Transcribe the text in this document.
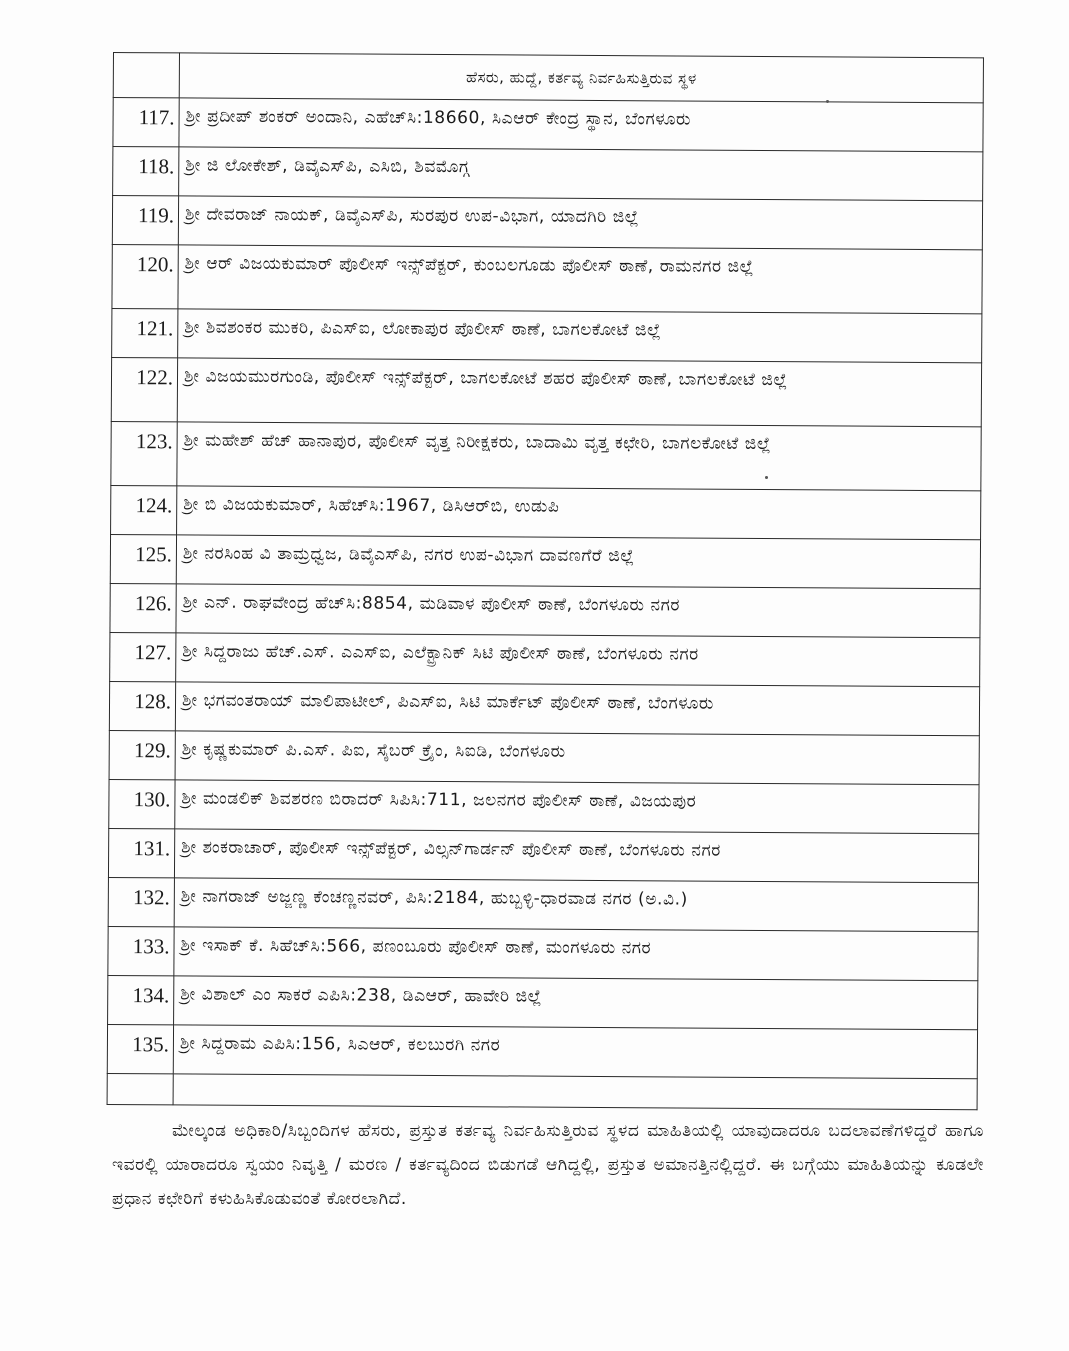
	ಹೆಸರು, ಹುದ್ದೆ, ಕರ್ತವ್ಯ ನಿರ್ವಹಿಸುತ್ತಿರುವ ಸ್ಥಳ
117.	ಶ್ರೀ ಪ್ರದೀಪ್ ಶಂಕರ್ ಅಂದಾನಿ, ಎಹೆಚ್‌ಸಿ:18660, ಸಿಎಆರ್ ಕೇಂದ್ರ ಸ್ಥಾನ, ಬೆಂಗಳೂರು
118.	ಶ್ರೀ ಜಿ ಲೋಕೇಶ್, ಡಿವೈಎಸ್‌ಪಿ, ಎಸಿಬಿ, ಶಿವಮೊಗ್ಗ
119.	ಶ್ರೀ ದೇವರಾಜ್ ನಾಯಕ್, ಡಿವೈಎಸ್‌ಪಿ, ಸುರಪುರ ಉಪ-ವಿಭಾಗ, ಯಾದಗಿರಿ ಜಿಲ್ಲೆ
120.	ಶ್ರೀ ಆರ್ ವಿಜಯಕುಮಾರ್ ಪೊಲೀಸ್ ಇನ್ಸ್‌ಪೆಕ್ಟರ್, ಕುಂಬಲಗೂಡು ಪೊಲೀಸ್ ಠಾಣೆ, ರಾಮನಗರ ಜಿಲ್ಲೆ
121.	ಶ್ರೀ ಶಿವಶಂಕರ ಮುಕರಿ, ಪಿಎಸ್‌ಐ, ಲೋಕಾಪುರ ಪೊಲೀಸ್ ಠಾಣೆ, ಬಾಗಲಕೋಟೆ ಜಿಲ್ಲೆ
122.	ಶ್ರೀ ವಿಜಯಮುರಗುಂಡಿ, ಪೊಲೀಸ್ ಇನ್ಸ್‌ಪೆಕ್ಟರ್, ಬಾಗಲಕೋಟೆ ಶಹರ ಪೊಲೀಸ್ ಠಾಣೆ, ಬಾಗಲಕೋಟೆ ಜಿಲ್ಲೆ
123.	ಶ್ರೀ ಮಹೇಶ್ ಹೆಚ್ ಹಾನಾಪುರ, ಪೊಲೀಸ್ ವೃತ್ತ ನಿರೀಕ್ಷಕರು, ಬಾದಾಮಿ ವೃತ್ತ ಕಛೇರಿ, ಬಾಗಲಕೋಟೆ ಜಿಲ್ಲೆ
124.	ಶ್ರೀ ಬಿ ವಿಜಯಕುಮಾರ್, ಸಿಹೆಚ್‌ಸಿ:1967, ಡಿಸಿಆರ್‌ಬಿ, ಉಡುಪಿ
125.	ಶ್ರೀ ನರಸಿಂಹ ವಿ ತಾಮ್ರಧ್ವಜ, ಡಿವೈಎಸ್‌ಪಿ, ನಗರ ಉಪ-ವಿಭಾಗ ದಾವಣಗೆರೆ ಜಿಲ್ಲೆ
126.	ಶ್ರೀ ಎನ್. ರಾಘವೇಂದ್ರ ಹೆಚ್‌ಸಿ:8854, ಮಡಿವಾಳ ಪೊಲೀಸ್ ಠಾಣೆ, ಬೆಂಗಳೂರು ನಗರ
127.	ಶ್ರೀ ಸಿದ್ದರಾಜು ಹೆಚ್.ಎಸ್. ಎಎಸ್‌ಐ, ಎಲೆಕ್ಟ್ರಾನಿಕ್ ಸಿಟಿ ಪೊಲೀಸ್ ಠಾಣೆ, ಬೆಂಗಳೂರು ನಗರ
128.	ಶ್ರೀ ಭಗವಂತರಾಯ್ ಮಾಲಿಪಾಟೀಲ್, ಪಿಎಸ್‌ಐ, ಸಿಟಿ ಮಾರ್ಕೆಟ್ ಪೊಲೀಸ್ ಠಾಣೆ, ಬೆಂಗಳೂರು
129.	ಶ್ರೀ ಕೃಷ್ಣಕುಮಾರ್ ಪಿ.ಎಸ್. ಪಿಐ, ಸೈಬರ್ ಕ್ರೈಂ, ಸಿಐಡಿ, ಬೆಂಗಳೂರು
130.	ಶ್ರೀ ಮಂಡಲಿಕ್ ಶಿವಶರಣ ಬಿರಾದರ್ ಸಿಪಿಸಿ:711, ಜಲನಗರ ಪೊಲೀಸ್ ಠಾಣೆ, ವಿಜಯಪುರ
131.	ಶ್ರೀ ಶಂಕರಾಚಾರ್, ಪೊಲೀಸ್ ಇನ್ಸ್‌ಪೆಕ್ಟರ್, ವಿಲ್ಸನ್‌ಗಾರ್ಡನ್ ಪೊಲೀಸ್ ಠಾಣೆ, ಬೆಂಗಳೂರು ನಗರ
132.	ಶ್ರೀ ನಾಗರಾಜ್ ಅಜ್ಜಣ್ಣ ಕೆಂಚಣ್ಣನವರ್, ಪಿಸಿ:2184, ಹುಬ್ಬಳ್ಳಿ-ಧಾರವಾಡ ನಗರ (ಅ.ವಿ.)
133.	ಶ್ರೀ ಇಸಾಕ್ ಕೆ. ಸಿಹೆಚ್‌ಸಿ:566, ಪಣಂಬೂರು ಪೊಲೀಸ್ ಠಾಣೆ, ಮಂಗಳೂರು ನಗರ
134.	ಶ್ರೀ ವಿಶಾಲ್ ಎಂ ಸಾಕರೆ ಎಪಿಸಿ:238, ಡಿಎಆರ್, ಹಾವೇರಿ ಜಿಲ್ಲೆ
135.	ಶ್ರೀ ಸಿದ್ದರಾಮ ಎಪಿಸಿ:156, ಸಿಎಆರ್, ಕಲಬುರಗಿ ನಗರ

ಮೇಲ್ಕಂಡ ಅಧಿಕಾರಿ/ಸಿಬ್ಬಂದಿಗಳ ಹೆಸರು, ಪ್ರಸ್ತುತ ಕರ್ತವ್ಯ ನಿರ್ವಹಿಸುತ್ತಿರುವ ಸ್ಥಳದ ಮಾಹಿತಿಯಲ್ಲಿ ಯಾವುದಾದರೂ ಬದಲಾವಣೆಗಳಿದ್ದರೆ ಹಾಗೂ ಇವರಲ್ಲಿ ಯಾರಾದರೂ ಸ್ವಯಂ ನಿವೃತ್ತಿ / ಮರಣ / ಕರ್ತವ್ಯದಿಂದ ಬಿಡುಗಡೆ ಆಗಿದ್ದಲ್ಲಿ, ಪ್ರಸ್ತುತ ಅಮಾನತ್ತಿನಲ್ಲಿದ್ದರೆ. ಈ ಬಗ್ಗೆಯು ಮಾಹಿತಿಯನ್ನು ಕೂಡಲೇ ಪ್ರಧಾನ ಕಛೇರಿಗೆ ಕಳುಹಿಸಿಕೊಡುವಂತೆ ಕೋರಲಾಗಿದೆ.
